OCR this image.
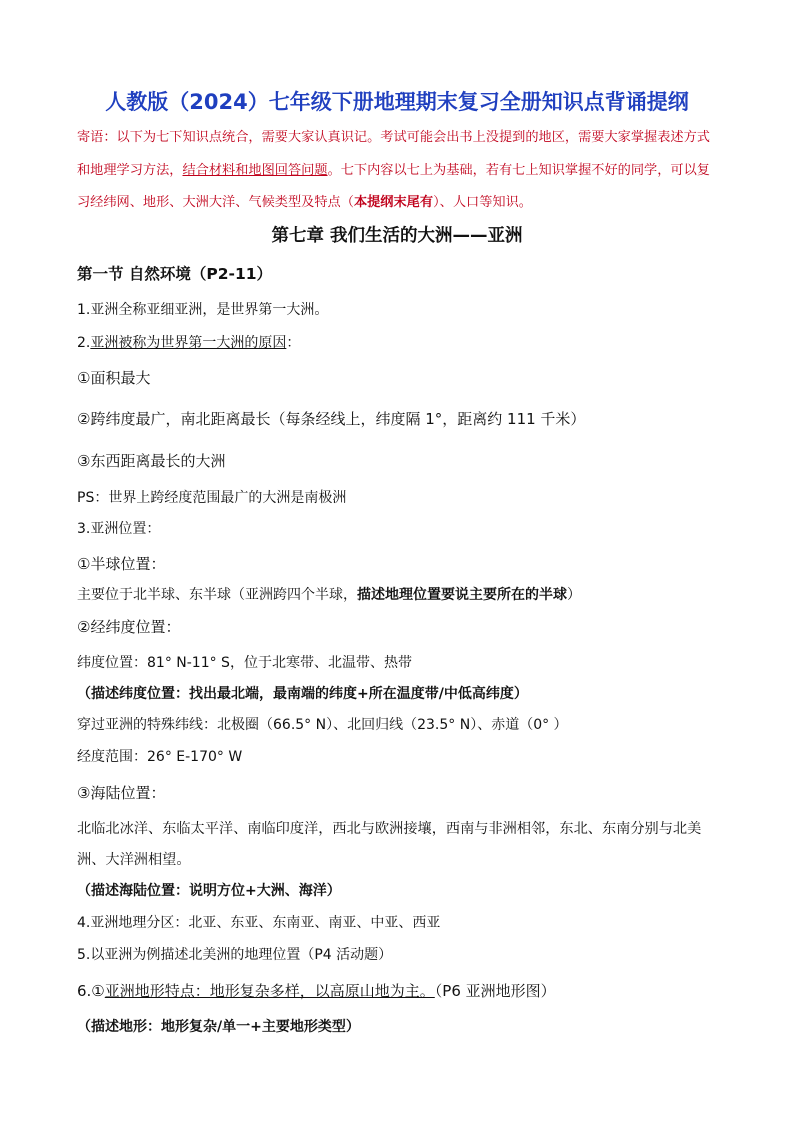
人教版（2024）七年级下册地理期末复习全册知识点背诵提纲
寄语：以下为七下知识点统合，需要大家认真识记。考试可能会出书上没提到的地区，需要大家掌握表述方式和地理学习方法，结合材料和地图回答问题。七下内容以七上为基础，若有七上知识掌握不好的同学，可以复习经纬网、地形、大洲大洋、气候类型及特点（本提纲末尾有）、人口等知识。
第七章 我们生活的大洲——亚洲
第一节 自然环境（P2-11）
1.亚洲全称亚细亚洲，是世界第一大洲。
2.亚洲被称为世界第一大洲的原因：
①面积最大
②跨纬度最广，南北距离最长（每条经线上，纬度隔 1°，距离约 111 千米）
③东西距离最长的大洲
PS：世界上跨经度范围最广的大洲是南极洲
3.亚洲位置：
①半球位置：
主要位于北半球、东半球（亚洲跨四个半球，描述地理位置要说主要所在的半球）
②经纬度位置：
纬度位置：81° N-11° S，位于北寒带、北温带、热带
（描述纬度位置：找出最北端，最南端的纬度+所在温度带/中低高纬度）
穿过亚洲的特殊纬线：北极圈（66.5° N）、北回归线（23.5° N）、赤道（0° ）
经度范围：26° E-170° W
③海陆位置：
北临北冰洋、东临太平洋、南临印度洋，西北与欧洲接壤，西南与非洲相邻，东北、东南分别与北美洲、大洋洲相望。
（描述海陆位置：说明方位+大洲、海洋）
4.亚洲地理分区：北亚、东亚、东南亚、南亚、中亚、西亚
5.以亚洲为例描述北美洲的地理位置（P4 活动题）
6.①亚洲地形特点：地形复杂多样，以高原山地为主。（P6 亚洲地形图）
（描述地形：地形复杂/单一+主要地形类型）
